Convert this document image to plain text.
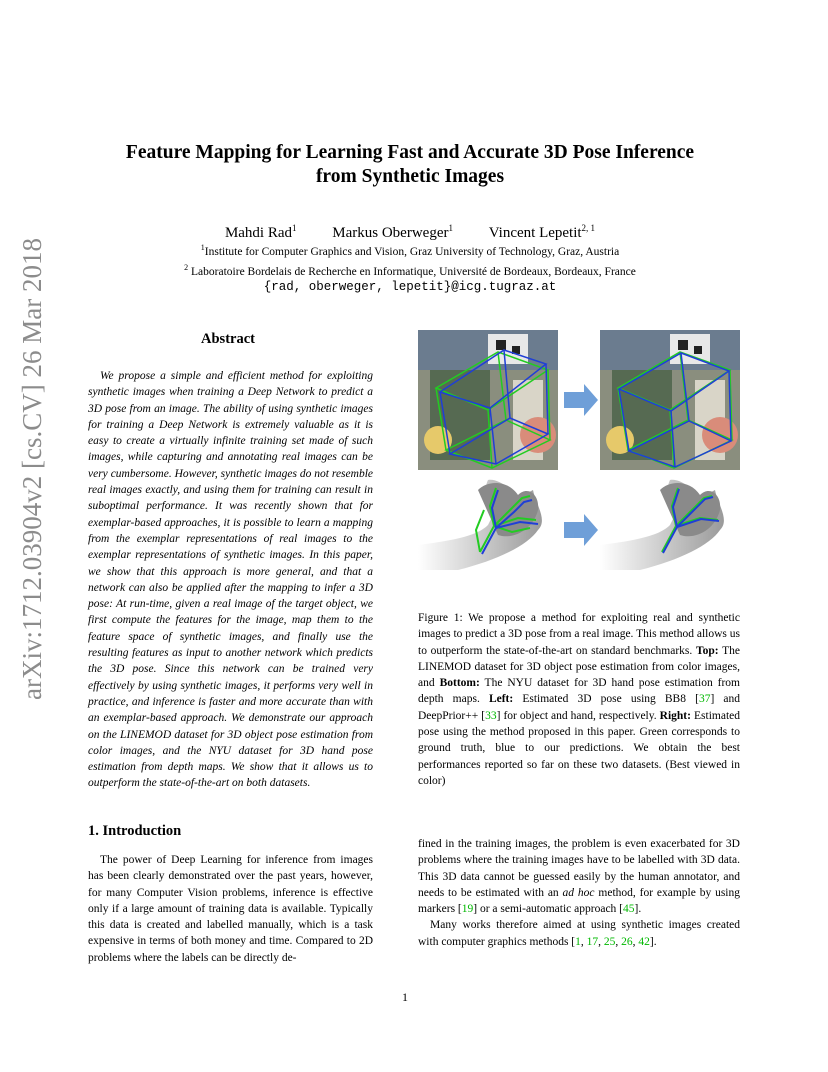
arXiv:1712.03904v2 [cs.CV] 26 Mar 2018
Feature Mapping for Learning Fast and Accurate 3D Pose Inference
from Synthetic Images
Mahdi Rad$^1$ Markus Oberweger$^1$ Vincent Lepetit$^{2, 1}$
$^1$Institute for Computer Graphics and Vision, Graz University of Technology, Graz, Austria
$^2$ Laboratoire Bordelais de Recherche en Informatique, Université de Bordeaux, Bordeaux, France
{rad, oberweger, lepetit}@icg.tugraz.at
Abstract
We propose a simple and efficient method for exploiting synthetic images when training a Deep Network to predict a 3D pose from an image. The ability of using synthetic images for training a Deep Network is extremely valuable as it is easy to create a virtually infinite training set made of such images, while capturing and annotating real images can be very cumbersome. However, synthetic images do not resemble real images exactly, and using them for training can result in suboptimal performance. It was recently shown that for exemplar-based approaches, it is possible to learn a mapping from the exemplar representations of real images to the exemplar representations of synthetic images. In this paper, we show that this approach is more general, and that a network can also be applied after the mapping to infer a 3D pose: At run-time, given a real image of the target object, we first compute the features for the image, map them to the feature space of synthetic images, and finally use the resulting features as input to another network which predicts the 3D pose. Since this network can be trained very effectively by using synthetic images, it performs very well in practice, and inference is faster and more accurate than with an exemplar-based approach. We demonstrate our approach on the LINEMOD dataset for 3D object pose estimation from color images, and the NYU dataset for 3D hand pose estimation from depth maps. We show that it allows us to outperform the state-of-the-art on both datasets.
Figure 1: We propose a method for exploiting real and synthetic images to predict a 3D pose from a real image. This method allows us to outperform the state-of-the-art on standard benchmarks. Top: The LINEMOD dataset for 3D object pose estimation from color images, and Bottom: The NYU dataset for 3D hand pose estimation from depth maps. Left: Estimated 3D pose using BB8 [37] and DeepPrior++ [33] for object and hand, respectively. Right: Estimated pose using the method proposed in this paper. Green corresponds to ground truth, blue to our predictions. We obtain the best performances reported so far on these two datasets. (Best viewed in color)
1. Introduction

The power of Deep Learning for inference from images has been clearly demonstrated over the past years, however, for many Computer Vision problems, inference is effective only if a large amount of training data is available. Typically this data is created and labelled manually, which is a task expensive in terms of both money and time. Compared to 2D problems where the labels can be directly de-

fined in the training images, the problem is even exacerbated for 3D problems where the training images have to be labelled with 3D data. This 3D data cannot be guessed easily by the human annotator, and needs to be estimated with an ad hoc method, for example by using markers [19] or a semi-automatic approach [45].

Many works therefore aimed at using synthetic images created with computer graphics methods [1, 17, 25, 26, 42].

1
